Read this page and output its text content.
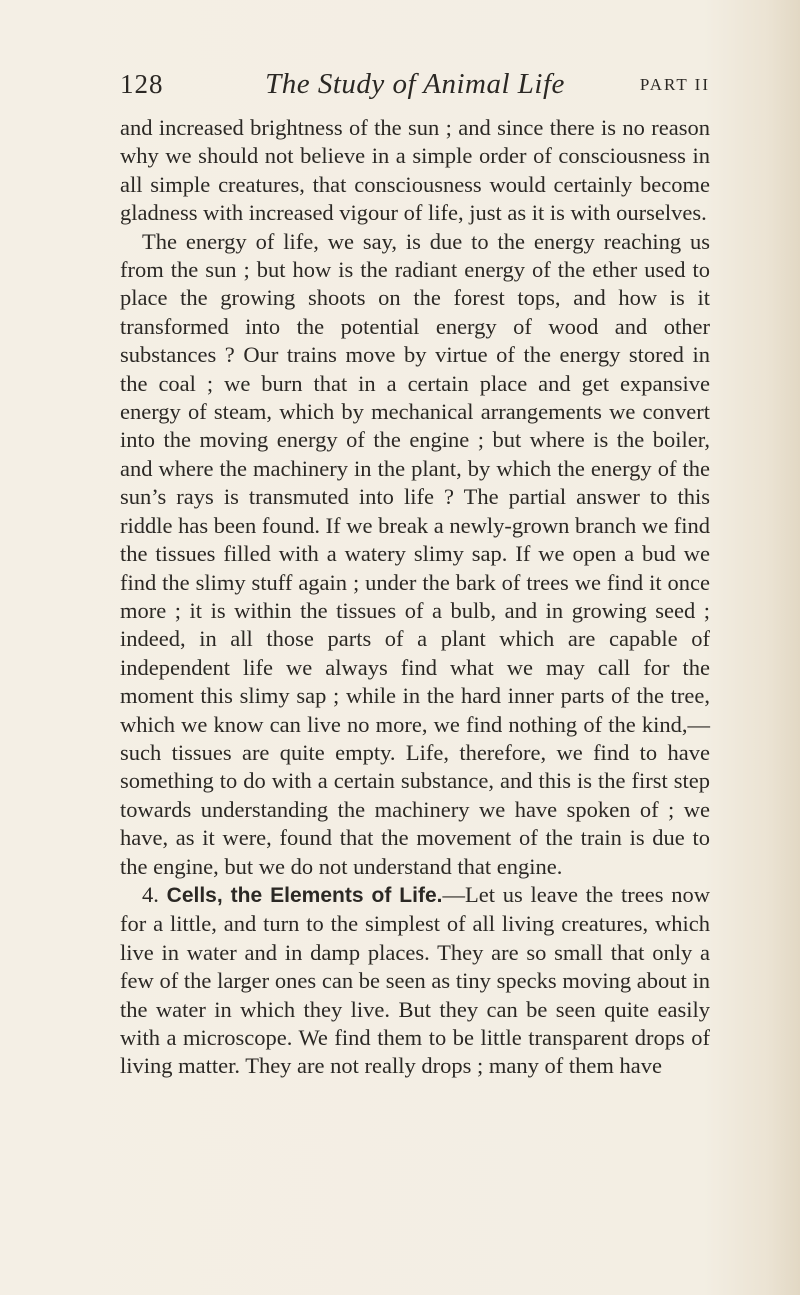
128	The Study of Animal Life	PART II

and increased brightness of the sun ; and since there is no reason why we should not believe in a simple order of consciousness in all simple creatures, that consciousness would certainly become gladness with increased vigour of life, just as it is with ourselves.

The energy of life, we say, is due to the energy reaching us from the sun ; but how is the radiant energy of the ether used to place the growing shoots on the forest tops, and how is it transformed into the potential energy of wood and other substances ? Our trains move by virtue of the energy stored in the coal ; we burn that in a certain place and get expansive energy of steam, which by mechanical arrangements we convert into the moving energy of the engine ; but where is the boiler, and where the machinery in the plant, by which the energy of the sun’s rays is transmuted into life ? The partial answer to this riddle has been found. If we break a newly-grown branch we find the tissues filled with a watery slimy sap. If we open a bud we find the slimy stuff again ; under the bark of trees we find it once more ; it is within the tissues of a bulb, and in growing seed ; indeed, in all those parts of a plant which are capable of independent life we always find what we may call for the moment this slimy sap ; while in the hard inner parts of the tree, which we know can live no more, we find nothing of the kind,—such tissues are quite empty. Life, therefore, we find to have something to do with a certain substance, and this is the first step towards understanding the machinery we have spoken of ; we have, as it were, found that the movement of the train is due to the engine, but we do not understand that engine.

4. Cells, the Elements of Life.—Let us leave the trees now for a little, and turn to the simplest of all living creatures, which live in water and in damp places. They are so small that only a few of the larger ones can be seen as tiny specks moving about in the water in which they live. But they can be seen quite easily with a microscope. We find them to be little transparent drops of living matter. They are not really drops ; many of them have
